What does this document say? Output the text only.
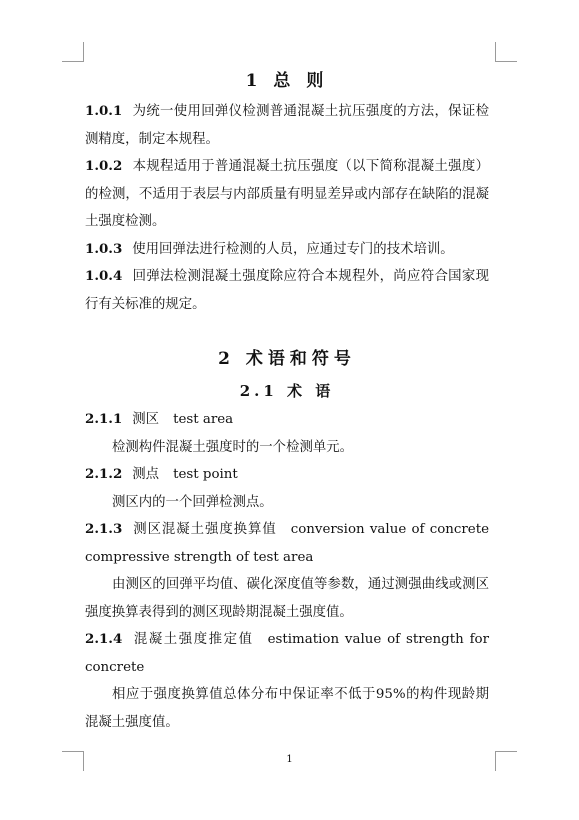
1 总 则

1.0.1 为统一使用回弹仪检测普通混凝土抗压强度的方法，保证检测精度，制定本规程。

1.0.2 本规程适用于普通混凝土抗压强度（以下简称混凝土强度）的检测，不适用于表层与内部质量有明显差异或内部存在缺陷的混凝土强度检测。

1.0.3 使用回弹法进行检测的人员，应通过专门的技术培训。

1.0.4 回弹法检测混凝土强度除应符合本规程外，尚应符合国家现行有关标准的规定。

2 术语和符号
2.1 术 语

2.1.1 测区 test area

检测构件混凝土强度时的一个检测单元。

2.1.2 测点 test point

测区内的一个回弹检测点。

2.1.3 测区混凝土强度换算值 conversion value of concrete

compressive strength of test area

由测区的回弹平均值、碳化深度值等参数，通过测强曲线或测区强度换算表得到的测区现龄期混凝土强度值。

2.1.4 混凝土强度推定值 estimation value of strength for concrete

相应于强度换算值总体分布中保证率不低于95%的构件现龄期混凝土强度值。

1
